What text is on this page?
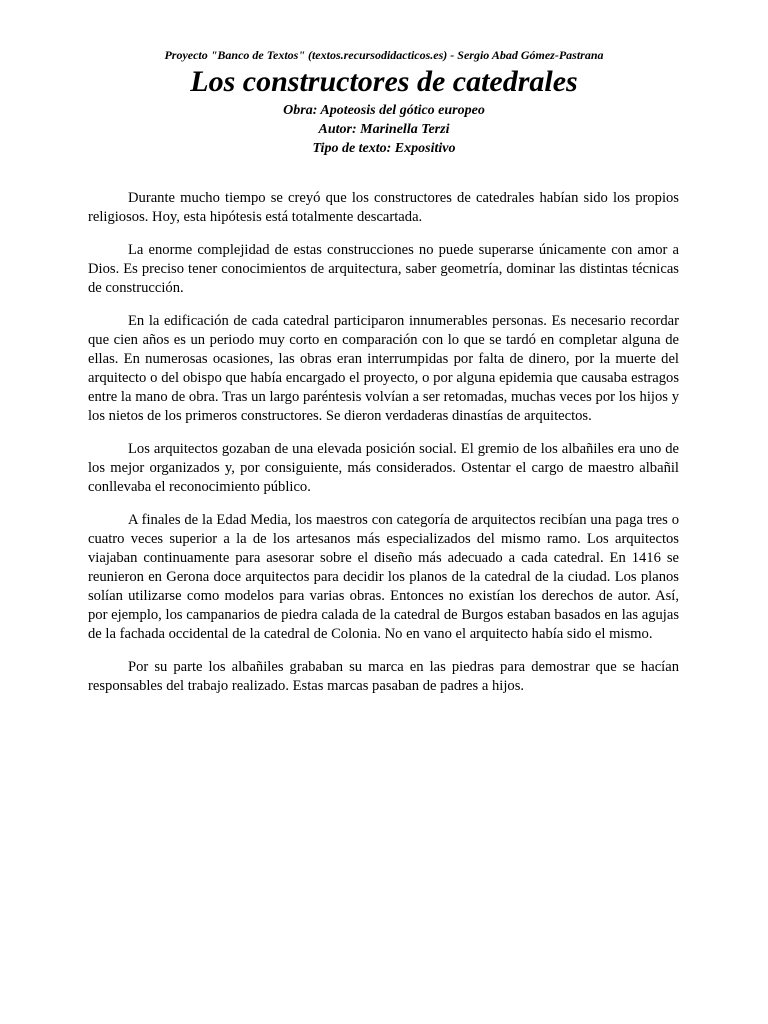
Proyecto "Banco de Textos" (textos.recursodidacticos.es) - Sergio Abad Gómez-Pastrana
Los constructores de catedrales
Obra: Apoteosis del gótico europeo
Autor: Marinella Terzi
Tipo de texto: Expositivo

Durante mucho tiempo se creyó que los constructores de catedrales habían sido los propios religiosos. Hoy, esta hipótesis está totalmente descartada.

La enorme complejidad de estas construcciones no puede superarse únicamente con amor a Dios. Es preciso tener conocimientos de arquitectura, saber geometría, dominar las distintas técnicas de construcción.

En la edificación de cada catedral participaron innumerables personas. Es necesario recordar que cien años es un periodo muy corto en comparación con lo que se tardó en completar alguna de ellas. En numerosas ocasiones, las obras eran interrumpidas por falta de dinero, por la muerte del arquitecto o del obispo que había encargado el proyecto, o por alguna epidemia que causaba estragos entre la mano de obra. Tras un largo paréntesis volvían a ser retomadas, muchas veces por los hijos y los nietos de los primeros constructores. Se dieron verdaderas dinastías de arquitectos.

Los arquitectos gozaban de una elevada posición social. El gremio de los albañiles era uno de los mejor organizados y, por consiguiente, más considerados. Ostentar el cargo de maestro albañil conllevaba el reconocimiento público.

A finales de la Edad Media, los maestros con categoría de arquitectos recibían una paga tres o cuatro veces superior a la de los artesanos más especializados del mismo ramo. Los arquitectos viajaban continuamente para asesorar sobre el diseño más adecuado a cada catedral. En 1416 se reunieron en Gerona doce arquitectos para decidir los planos de la catedral de la ciudad. Los planos solían utilizarse como modelos para varias obras. Entonces no existían los derechos de autor. Así, por ejemplo, los campanarios de piedra calada de la catedral de Burgos estaban basados en las agujas de la fachada occidental de la catedral de Colonia. No en vano el arquitecto había sido el mismo.

Por su parte los albañiles grababan su marca en las piedras para demostrar que se hacían responsables del trabajo realizado. Estas marcas pasaban de padres a hijos.
